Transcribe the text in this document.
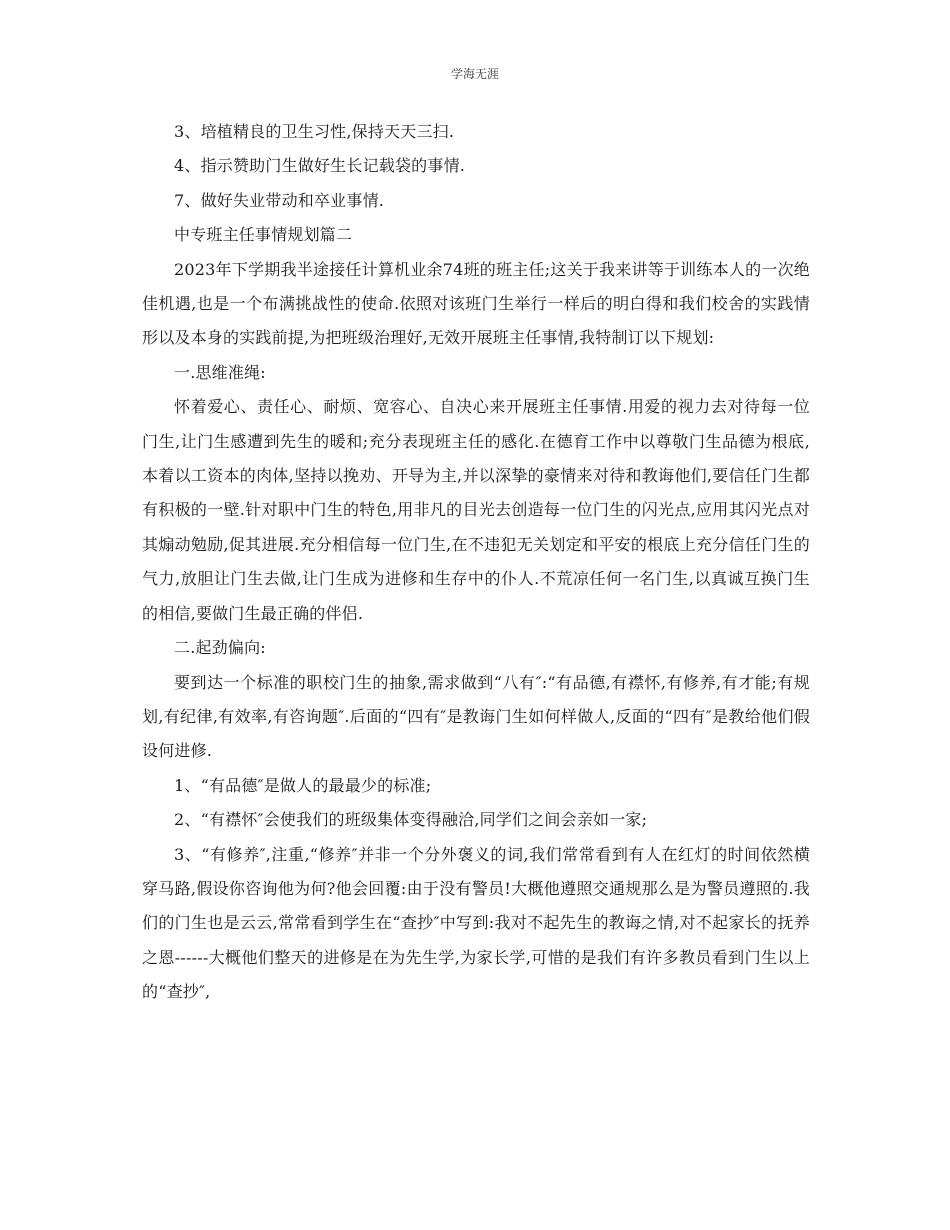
学海无涯

3、培植精良的卫生习性,保持天天三扫.

4、指示赞助门生做好生长记载袋的事情.

7、做好失业带动和卒业事情.

中专班主任事情规划篇二

2023年下学期我半途接任计算机业余74班的班主任;这关于我来讲等于训练本人的一次绝佳机遇,也是一个布满挑战性的使命.依照对该班门生举行一样后的明白得和我们校舍的实践情形以及本身的实践前提,为把班级治理好,无效开展班主任事情,我特制订以下规划:

一.思维准绳:

怀着爱心、责任心、耐烦、宽容心、自决心来开展班主任事情.用爱的视力去对待每一位门生,让门生感遭到先生的暖和;充分表现班主任的感化.在德育工作中以尊敬门生品德为根底,本着以工资本的肉体,坚持以挽劝、开导为主,并以深挚的豪情来对待和教诲他们,要信任门生都有积极的一壁.针对职中门生的特色,用非凡的目光去创造每一位门生的闪光点,应用其闪光点对其煽动勉励,促其进展.充分相信每一位门生,在不违犯无关划定和平安的根底上充分信任门生的气力,放胆让门生去做,让门生成为进修和生存中的仆人.不荒凉任何一名门生,以真诚互换门生的相信,要做门生最正确的伴侣.

二.起劲偏向:

要到达一个标准的职校门生的抽象,需求做到“八有″:“有品德,有襟怀,有修养,有才能;有规划,有纪律,有效率,有咨询题″.后面的“四有″是教诲门生如何样做人,反面的“四有″是教给他们假设何进修.

1、“有品德″是做人的最最少的标准;

2、“有襟怀″会使我们的班级集体变得融洽,同学们之间会亲如一家;

3、“有修养″,注重,“修养″并非一个分外褒义的词,我们常常看到有人在红灯的时间依然横穿马路,假设你咨询他为何?他会回覆:由于没有警员!大概他遵照交通规那么是为警员遵照的.我们的门生也是云云,常常看到学生在“查抄″中写到:我对不起先生的教诲之情,对不起家长的抚养之恩------大概他们整天的进修是在为先生学,为家长学,可惜的是我们有许多教员看到门生以上的“查抄″,
